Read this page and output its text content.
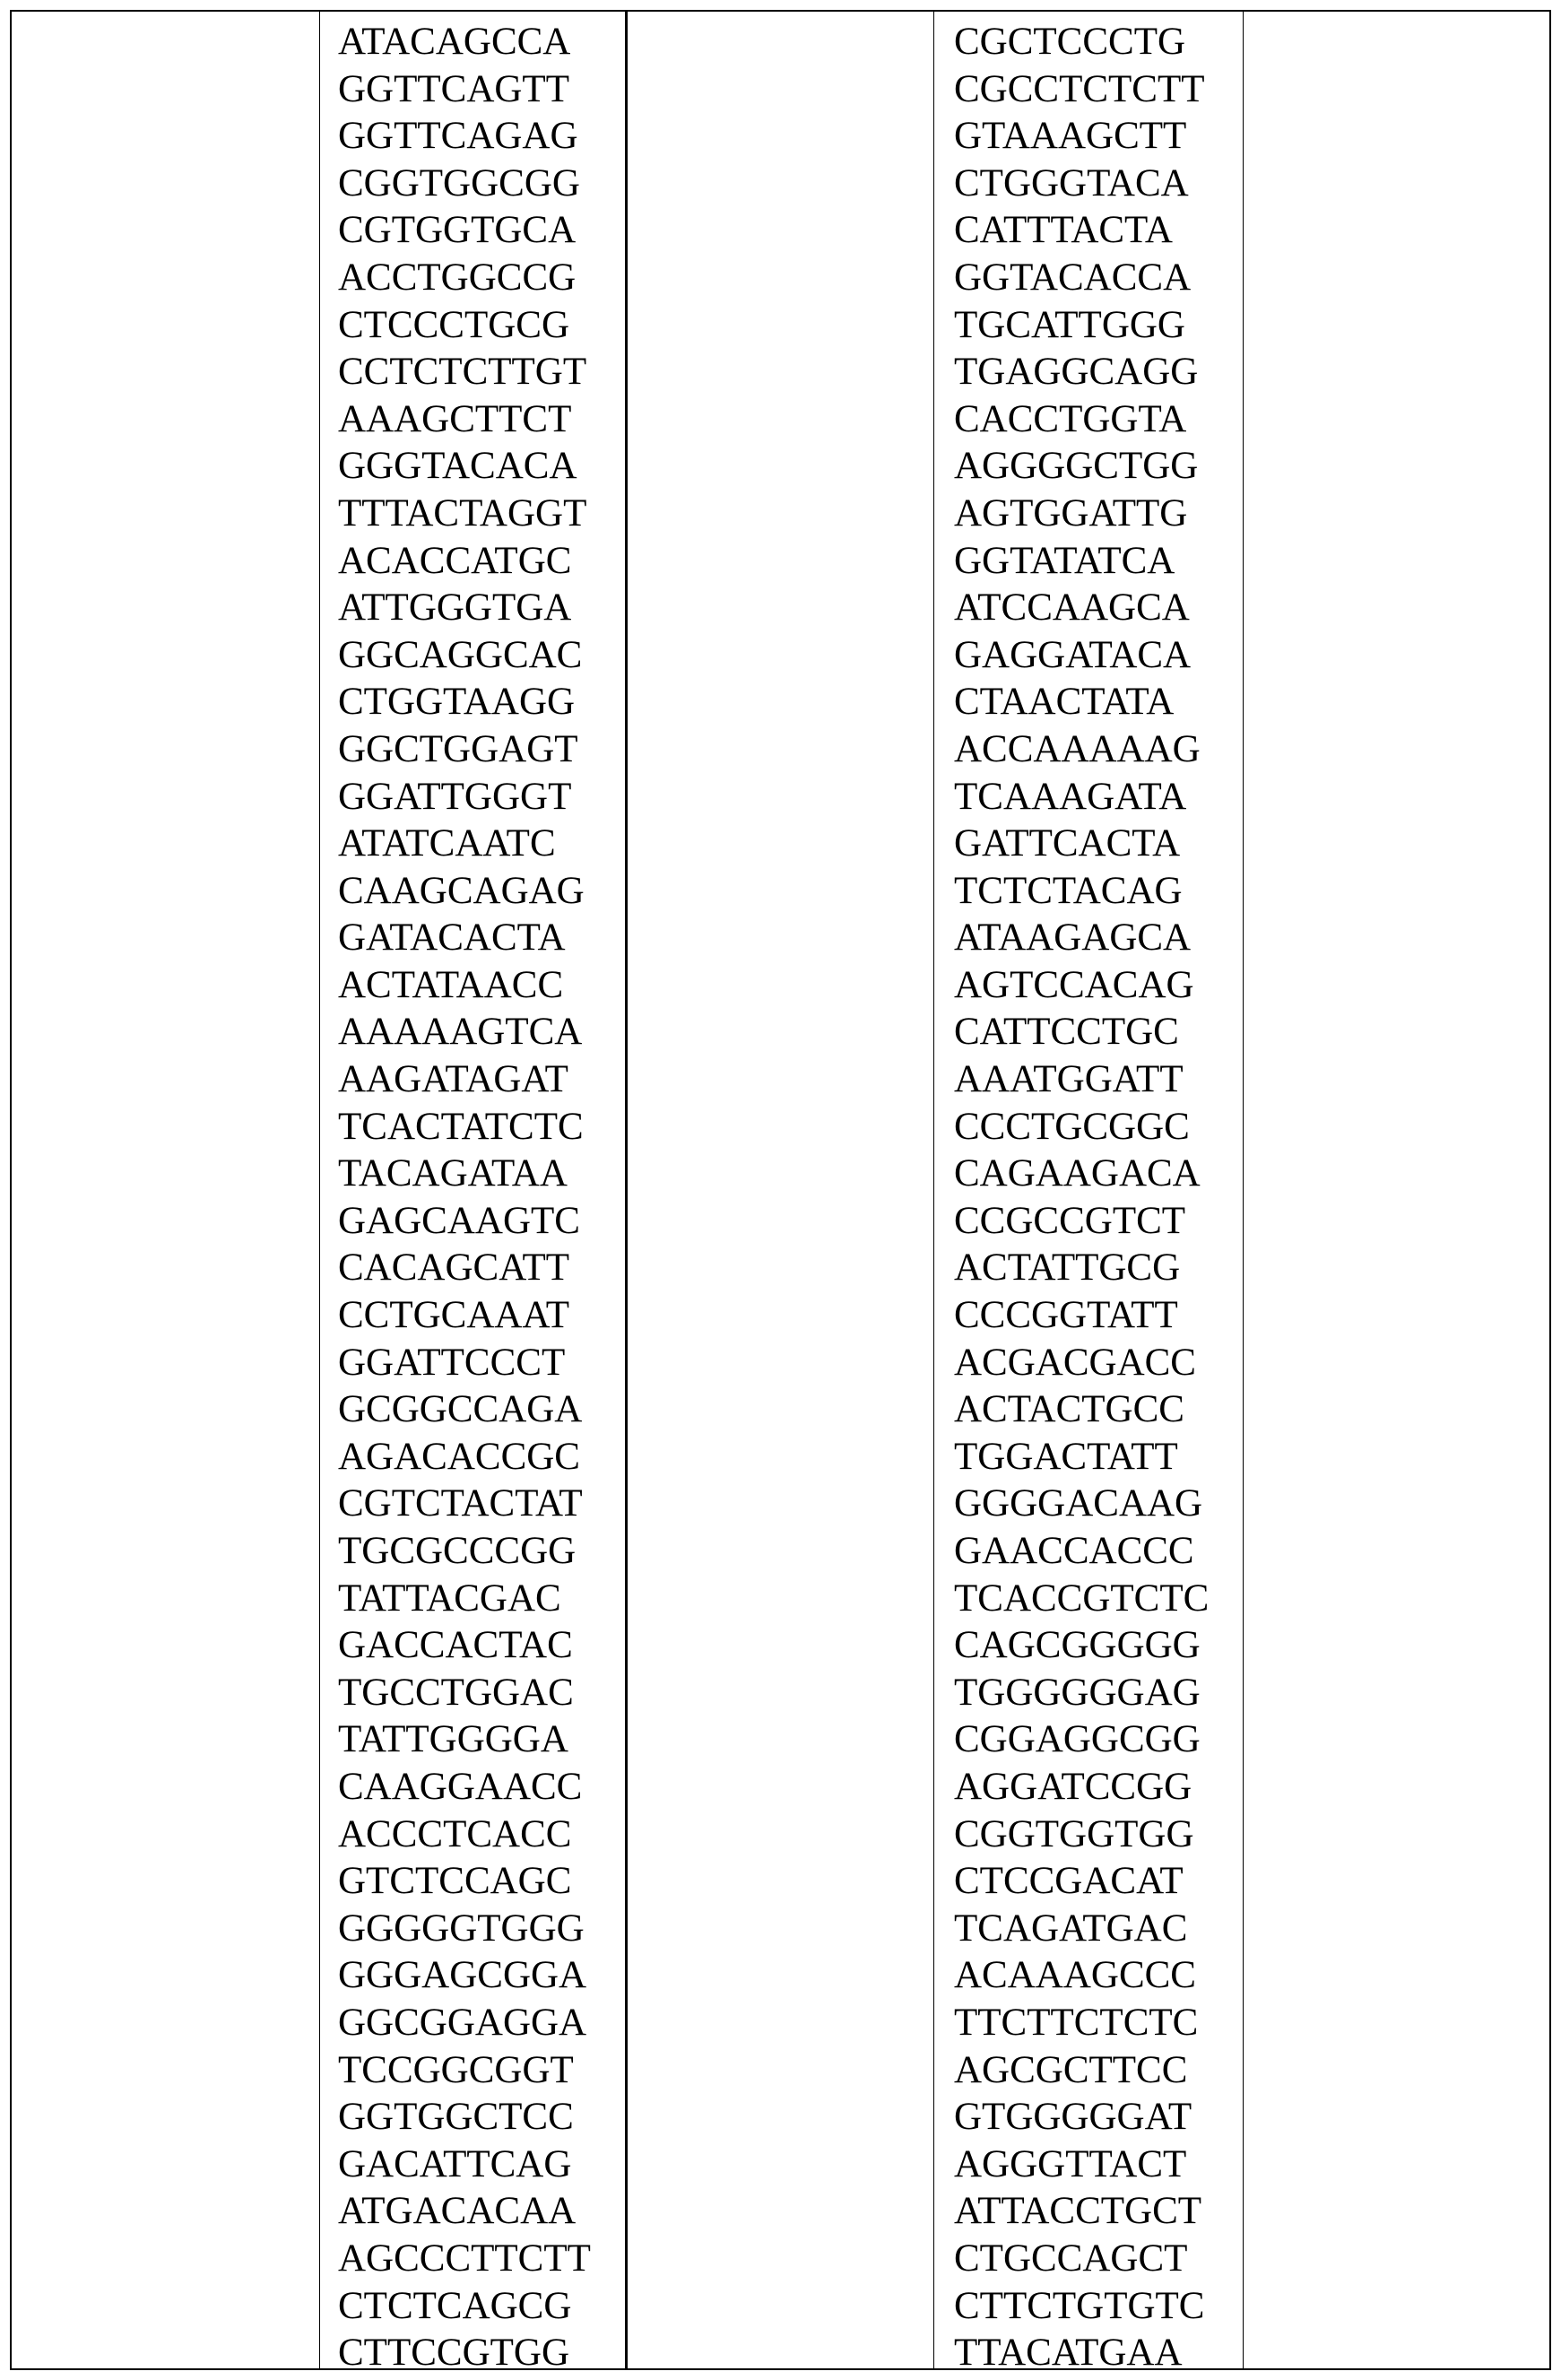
ATACAGCCA
GGTTCAGTT
GGTTCAGAG
CGGTGGCGG
CGTGGTGCA
ACCTGGCCG
CTCCCTGCG
CCTCTCTTGT
AAAGCTTCT
GGGTACACA
TTTACTAGGT
ACACCATGC
ATTGGGTGA
GGCAGGCAC
CTGGTAAGG
GGCTGGAGT
GGATTGGGT
ATATCAATC
CAAGCAGAG
GATACACTA
ACTATAACC
AAAAAGTCA
AAGATAGAT
TCACTATCTC
TACAGATAA
GAGCAAGTC
CACAGCATT
CCTGCAAAT
GGATTCCCT
GCGGCCAGA
AGACACCGC
CGTCTACTAT
TGCGCCCGG
TATTACGAC
GACCACTAC
TGCCTGGAC
TATTGGGGA
CAAGGAACC
ACCCTCACC
GTCTCCAGC
GGGGGTGGG
GGGAGCGGA
GGCGGAGGA
TCCGGCGGT
GGTGGCTCC
GACATTCAG
ATGACACAA
AGCCCTTCTT
CTCTCAGCG
CTTCCGTGG
CGCTCCCTG
CGCCTCTCTT
GTAAAGCTT
CTGGGTACA
CATTTACTA
GGTACACCA
TGCATTGGG
TGAGGCAGG
CACCTGGTA
AGGGGCTGG
AGTGGATTG
GGTATATCA
ATCCAAGCA
GAGGATACA
CTAACTATA
ACCAAAAAG
TCAAAGATA
GATTCACTA
TCTCTACAG
ATAAGAGCA
AGTCCACAG
CATTCCTGC
AAATGGATT
CCCTGCGGC
CAGAAGACA
CCGCCGTCT
ACTATTGCG
CCCGGTATT
ACGACGACC
ACTACTGCC
TGGACTATT
GGGGACAAG
GAACCACCC
TCACCGTCTC
CAGCGGGGG
TGGGGGGAG
CGGAGGCGG
AGGATCCGG
CGGTGGTGG
CTCCGACAT
TCAGATGAC
ACAAAGCCC
TTCTTCTCTC
AGCGCTTCC
GTGGGGGAT
AGGGTTACT
ATTACCTGCT
CTGCCAGCT
CTTCTGTGTC
TTACATGAA
